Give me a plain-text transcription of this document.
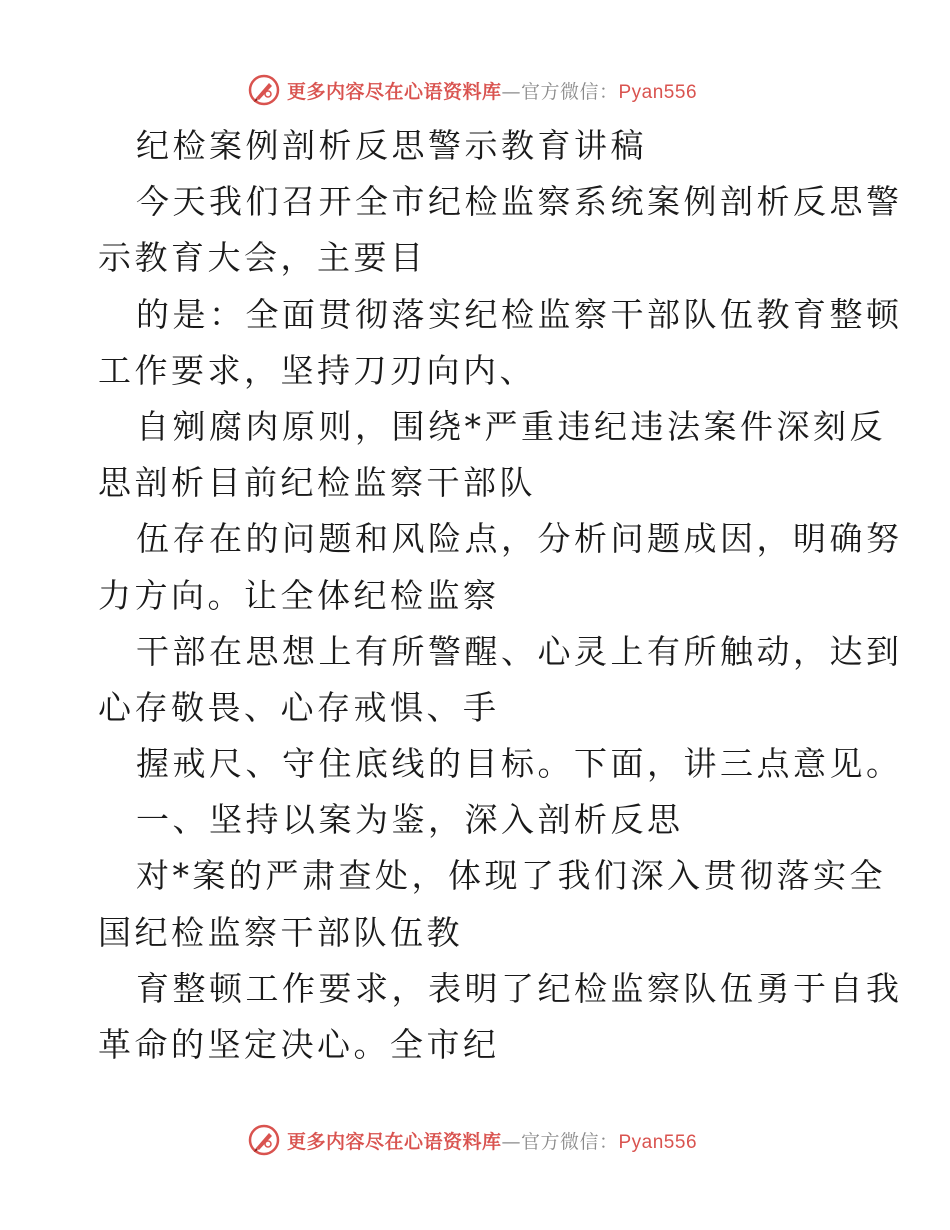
更多内容尽在心语资料库—官方微信：Pyan556
纪检案例剖析反思警示教育讲稿
今天我们召开全市纪检监察系统案例剖析反思警
示教育大会，主要目
的是：全面贯彻落实纪检监察干部队伍教育整顿
工作要求，坚持刀刃向内、
自剜腐肉原则，围绕*严重违纪违法案件深刻反
思剖析目前纪检监察干部队
伍存在的问题和风险点，分析问题成因，明确努
力方向。让全体纪检监察
干部在思想上有所警醒、心灵上有所触动，达到
心存敬畏、心存戒惧、手
握戒尺、守住底线的目标。下面，讲三点意见。
一、坚持以案为鉴，深入剖析反思
对*案的严肃查处，体现了我们深入贯彻落实全
国纪检监察干部队伍教
育整顿工作要求，表明了纪检监察队伍勇于自我
革命的坚定决心。全市纪
更多内容尽在心语资料库—官方微信：Pyan556
